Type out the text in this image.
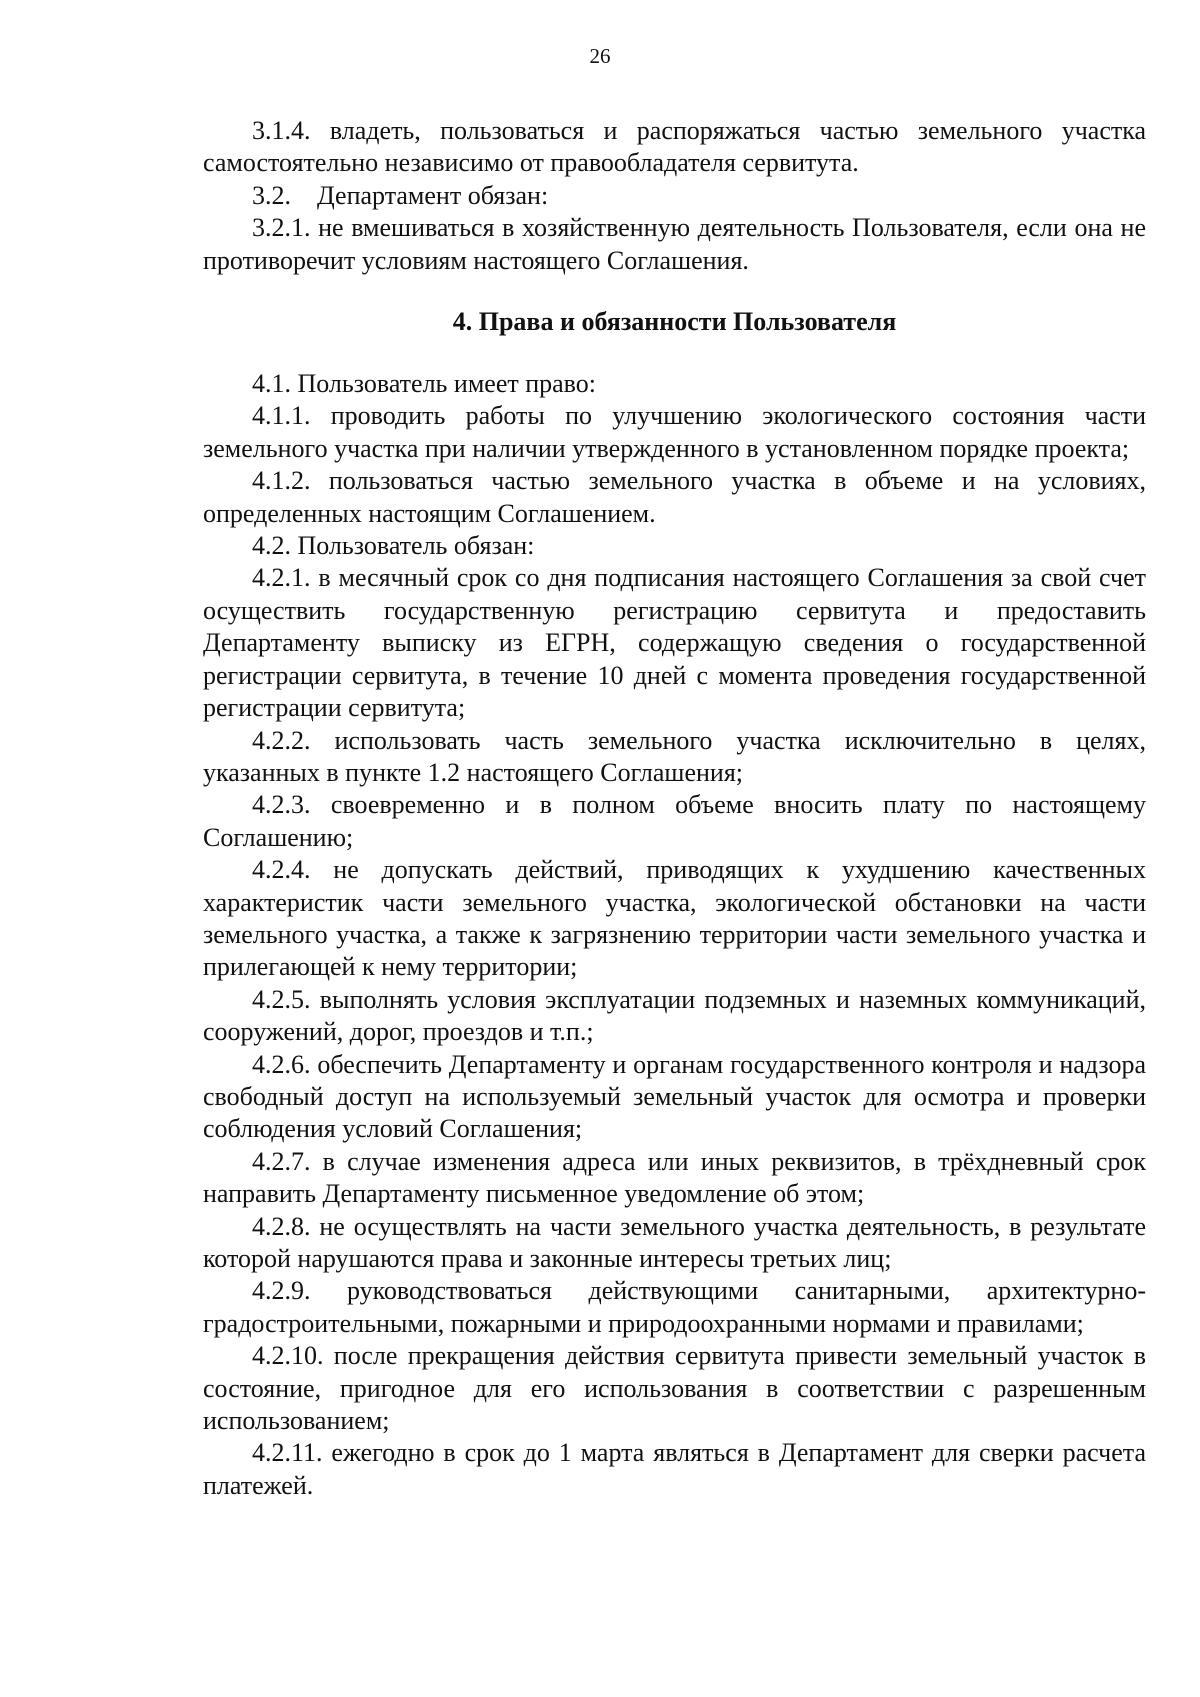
26

3.1.4. владеть, пользоваться и распоряжаться частью земельного участка самостоятельно независимо от правообладателя сервитута.

3.2.    Департамент обязан:

3.2.1. не вмешиваться в хозяйственную деятельность Пользователя, если она не противоречит условиям настоящего Соглашения.

4. Права и обязанности Пользователя

4.1. Пользователь имеет право:

4.1.1. проводить работы по улучшению экологического состояния части земельного участка при наличии утвержденного в установленном порядке проекта;

4.1.2. пользоваться частью земельного участка в объеме и на условиях, определенных настоящим Соглашением.

4.2. Пользователь обязан:

4.2.1. в месячный срок со дня подписания настоящего Соглашения за свой счет осуществить государственную регистрацию сервитута и предоставить Департаменту выписку из ЕГРН, содержащую сведения о государственной регистрации сервитута, в течение 10 дней с момента проведения государственной регистрации сервитута;

4.2.2. использовать часть земельного участка исключительно в целях, указанных в пункте 1.2 настоящего Соглашения;

4.2.3. своевременно и в полном объеме вносить плату по настоящему Соглашению;

4.2.4. не допускать действий, приводящих к ухудшению качественных характеристик части земельного участка, экологической обстановки на части земельного участка, а также к загрязнению территории части земельного участка и прилегающей к нему территории;

4.2.5. выполнять условия эксплуатации подземных и наземных коммуникаций, сооружений, дорог, проездов и т.п.;

4.2.6. обеспечить Департаменту и органам государственного контроля и надзора свободный доступ на используемый земельный участок для осмотра и проверки соблюдения условий Соглашения;

4.2.7. в случае изменения адреса или иных реквизитов, в трёхдневный срок направить Департаменту письменное уведомление об этом;

4.2.8. не осуществлять на части земельного участка деятельность, в результате которой нарушаются права и законные интересы третьих лиц;

4.2.9. руководствоваться действующими санитарными, архитектурно-градостроительными, пожарными и природоохранными нормами и правилами;

4.2.10. после прекращения действия сервитута привести земельный участок в состояние, пригодное для его использования в соответствии с разрешенным использованием;

4.2.11. ежегодно в срок до 1 марта являться в Департамент для сверки расчета платежей.
